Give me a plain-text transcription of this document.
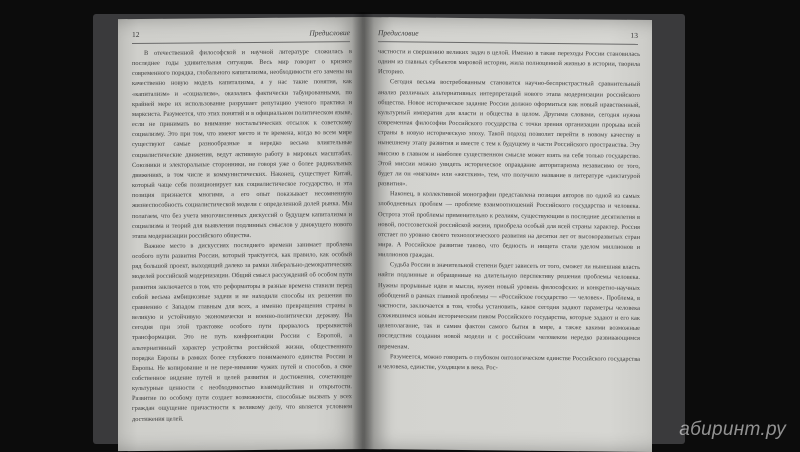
12	Предисловие

В отечественной философской и научной литературе сложилась в последнее годы удивительная ситуация. Весь мир говорит о кризисе современного порядка, глобального капитализма, необходимости его замены на качественно новую модель капитализма, а у нас такие понятия, как «капитализм» и «социализм», оказались фактически табуированными, по крайней мере их использование разрушает репутацию ученого практика и марксиста. Разумеется, что этих понятий и в официальном политическом языке, если не принимать во внимание ностальгических отсылок к советскому социализму. Это при том, что имеют место и те времена, когда во всем мире существуют самые разнообразные и нередко весьма влиятельные социалистические движения, ведут активную работу в мировых масштабах. Союзники и электоральные сторонники, не говоря уже о более радикальных движениях, в том числе и коммунистических. Наконец, существует Китай, который чаще себя позиционирует как социалистическое государство, и эта позиция признается многими, а его опыт показывает несомненную жизнеспособность социалистической модели с определенной долей рынка. Мы полагаем, что без учета многочисленных дискуссий о будущем капитализма и социализма и теорий для выявления подлинных смыслов у движущего нового этапа модернизации российского общества.

Важное место в дискуссиях последнего времени занимает проблема особого пути развития России, который трактуется, как правило, как особый ряд большой проект, выходящий далеко за рамки либерально-демократических моделей российской модернизации. Общий смысл рассуждений об особом пути развития заключается в том, что реформаторы в разные времена ставили перед собой весьма амбициозные задачи и не находили способы их решения по сравнению с Западом главным для всех, а именно превращения страны в великую и устойчивую экономически и военно-политически державу. На сегодня при этой трактовке особого пути прервалось прерывистой трансформации. Это не путь конфронтации России с Европой, а альтернативный характер устройства российской жизни, общественного порядка Европы в рамках более глубокого понимаемого единства России и Европы. Не копирование и не пере-нимание чужих путей и способов, а свое собственное видение путей и целей развития и достижения, сочетающее культурные ценности с необходимостью взаимодействия и открытости. Развитие по особому пути создает возможности, способные вызвать у всех граждан ощущение причастности к великому делу, что является условием достижения целей.

Предисловие	13

частности и свершению великих задач в целой. Именно в такие переходы России становилась одним из главных субъектов мировой истории, жила полноценной жизнью в истории, творила Историю.

Сегодня весьма востребованным становится научно-беспристрастный сравнительный анализ различных альтернативных интерпретаций нового этапа модернизации российского общества. Новое историческое задание России должно оформиться как новый нравственный, культурный императив для власти и общества в целом. Другими словами, сегодня нужна современная философия Российского государства с точки зрения организации прорыва всей страны в новую историческую эпоху. Такой подход позволит перейти в новому качеству в нынешнему этапу развития и вместе с тем к будущему в части Российского пространства. Эту миссию в главном и наиболее существенном смысле может взять на себя только государство. Этой миссии можно увидеть историческое оправдание авторитаризма независимо от того, будет ли он «мягким» или «жестким», тем, что получило название в литературе «диктатурой развития».

Наконец, в коллективной монографии представлена позиция авторов по одной из самых злободневных проблем — проблеме взаимоотношений Российского государства и человека. Острота этой проблемы применительно к реалиям, существующим в последние десятилетия в новой, постсоветской российской жизни, приобрела особый для всей страны характер. Россия отстает по уровню своего технологического развития на десятки лет от высокоразвитых стран мира. А Российское развитие таково, что бедность и нищета стали уделом миллионов и миллионов граждан.

Судьба России в значительной степени будет зависеть от того, сможет ли нынешняя власть найти подлинные и обращенные на длительную перспективу решения проблемы человека. Нужны прорывные идеи и мысли, нужен новый уровень философских и конкретно-научных обобщений в рамках главной проблемы — «Российское государство — человек». Проблема, в частности, заключается в том, чтобы установить, какое сегодня задают параметры человека сложившимся новым историческим пиком Российского государства, которые задают и его как целеполагание, так и самим фактом самого бытия в мире, а также какими возможные последствия создания новой модели и с российским человеком нередко развивающимся переменам.

Разумеется, можно говорить о глубоком онтологическом единстве Российского государства и человека, единстве, уходящем в века. Рос-

абиринт.ру
